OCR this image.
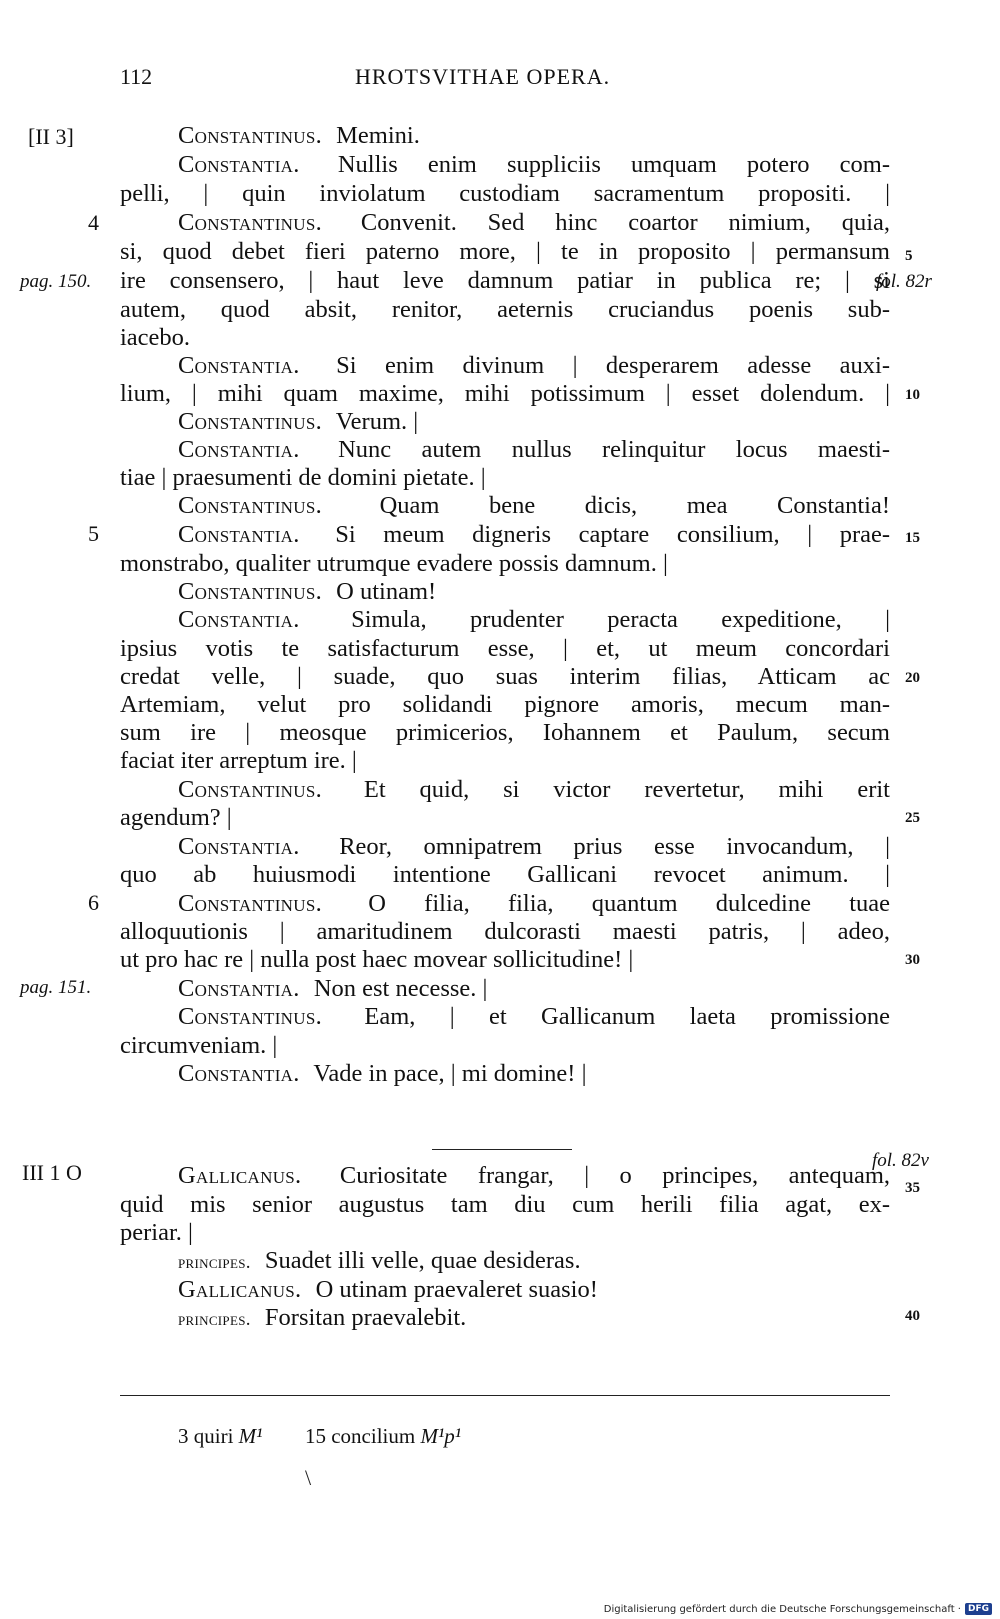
112	HROTSVITHAE OPERA.
[II 3]
4
pag. 150.
5
6
pag. 151.
III 1 O
fol. 82r
fol. 82v
5
10
15
20
25
30
35
40
Constantinus. Memini.
Constantia. Nullis enim suppliciis umquam potero com-
pelli, | quin inviolatum custodiam sacramentum propositi. |
Constantinus. Convenit. Sed hinc coartor nimium, quia,
si, quod debet fieri paterno more, | te in proposito | permansum
ire consensero, | haut leve damnum patiar in publica re; | si
autem, quod absit, renitor, aeternis cruciandus poenis sub-
iacebo.
Constantia. Si enim divinum | desperarem adesse auxi-
lium, | mihi quam maxime, mihi potissimum | esset dolendum. |
Constantinus. Verum. |
Constantia. Nunc autem nullus relinquitur locus maesti-
tiae | praesumenti de domini pietate. |
Constantinus. Quam bene dicis, mea Constantia!
Constantia. Si meum digneris captare consilium, | prae-
monstrabo, qualiter utrumque evadere possis damnum. |
Constantinus. O utinam!
Constantia. Simula, prudenter peracta expeditione, |
ipsius votis te satisfacturum esse, | et, ut meum concordari
credat velle, | suade, quo suas interim filias, Atticam ac
Artemiam, velut pro solidandi pignore amoris, mecum man-
sum ire | meosque primicerios, Iohannem et Paulum, secum
faciat iter arreptum ire. |
Constantinus. Et quid, si victor revertetur, mihi erit
agendum? |
Constantia. Reor, omnipatrem prius esse invocandum, |
quo ab huiusmodi intentione Gallicani revocet animum. |
Constantinus. O filia, filia, quantum dulcedine tuae
alloquutionis | amaritudinem dulcorasti maesti patris, | adeo,
ut pro hac re | nulla post haec movear sollicitudine! |
Constantia. Non est necesse. |
Constantinus. Eam, | et Gallicanum laeta promissione
circumveniam. |
Constantia. Vade in pace, | mi domine! |
Gallicanus. Curiositate frangar, | o principes, antequam,
quid mis senior augustus tam diu cum herili filia agat, ex-
periar. |
principes. Suadet illi velle, quae desideras.
Gallicanus. O utinam praevaleret suasio!
principes. Forsitan praevalebit.
3 quiri M¹ 15 concilium M¹p¹
\
Digitalisierung gefördert durch die Deutsche Forschungsgemeinschaft · DFG
